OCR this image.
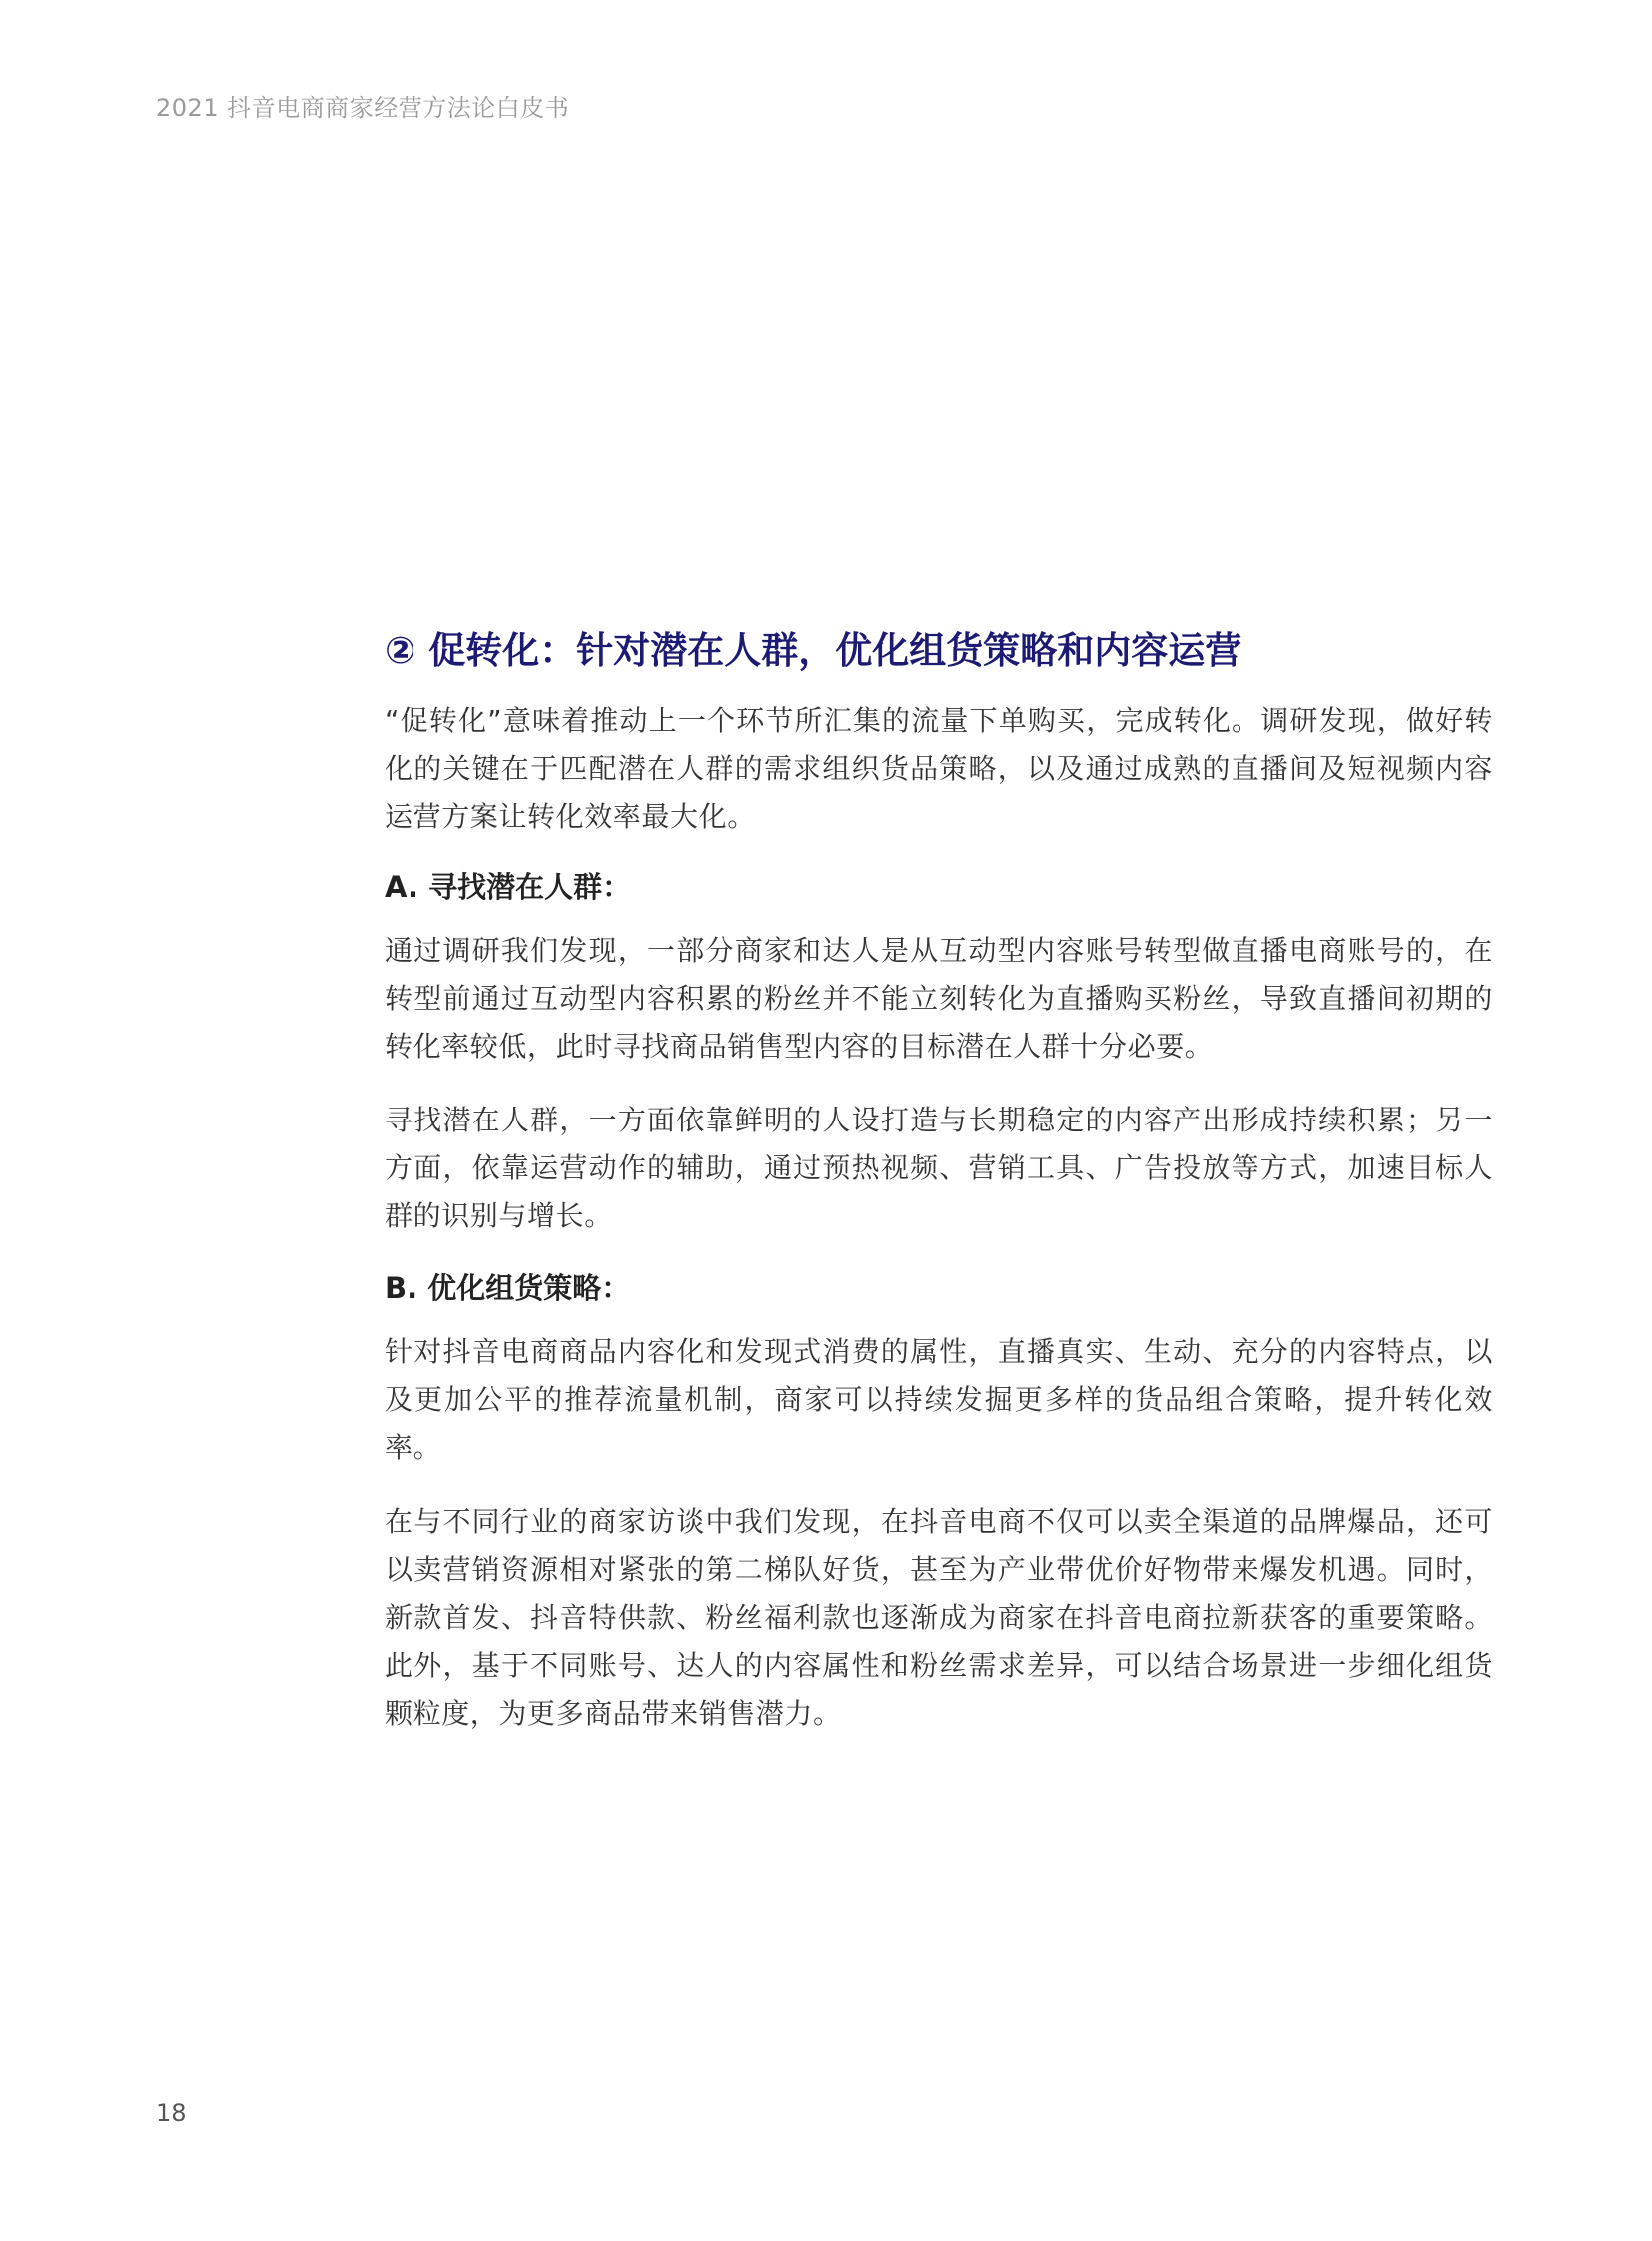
2021 抖音电商商家经营方法论白皮书
② 促转化：针对潜在人群，优化组货策略和内容运营

“促转化”意味着推动上一个环节所汇集的流量下单购买，完成转化。调研发现，做好转化的关键在于匹配潜在人群的需求组织货品策略，以及通过成熟的直播间及短视频内容运营方案让转化效率最大化。

A. 寻找潜在人群：

通过调研我们发现，一部分商家和达人是从互动型内容账号转型做直播电商账号的，在转型前通过互动型内容积累的粉丝并不能立刻转化为直播购买粉丝，导致直播间初期的转化率较低，此时寻找商品销售型内容的目标潜在人群十分必要。

寻找潜在人群，一方面依靠鲜明的人设打造与长期稳定的内容产出形成持续积累；另一方面，依靠运营动作的辅助，通过预热视频、营销工具、广告投放等方式，加速目标人群的识别与增长。

B. 优化组货策略：

针对抖音电商商品内容化和发现式消费的属性，直播真实、生动、充分的内容特点，以及更加公平的推荐流量机制，商家可以持续发掘更多样的货品组合策略，提升转化效率。

在与不同行业的商家访谈中我们发现，在抖音电商不仅可以卖全渠道的品牌爆品，还可以卖营销资源相对紧张的第二梯队好货，甚至为产业带优价好物带来爆发机遇。同时，新款首发、抖音特供款、粉丝福利款也逐渐成为商家在抖音电商拉新获客的重要策略。此外，基于不同账号、达人的内容属性和粉丝需求差异，可以结合场景进一步细化组货颗粒度，为更多商品带来销售潜力。

18
